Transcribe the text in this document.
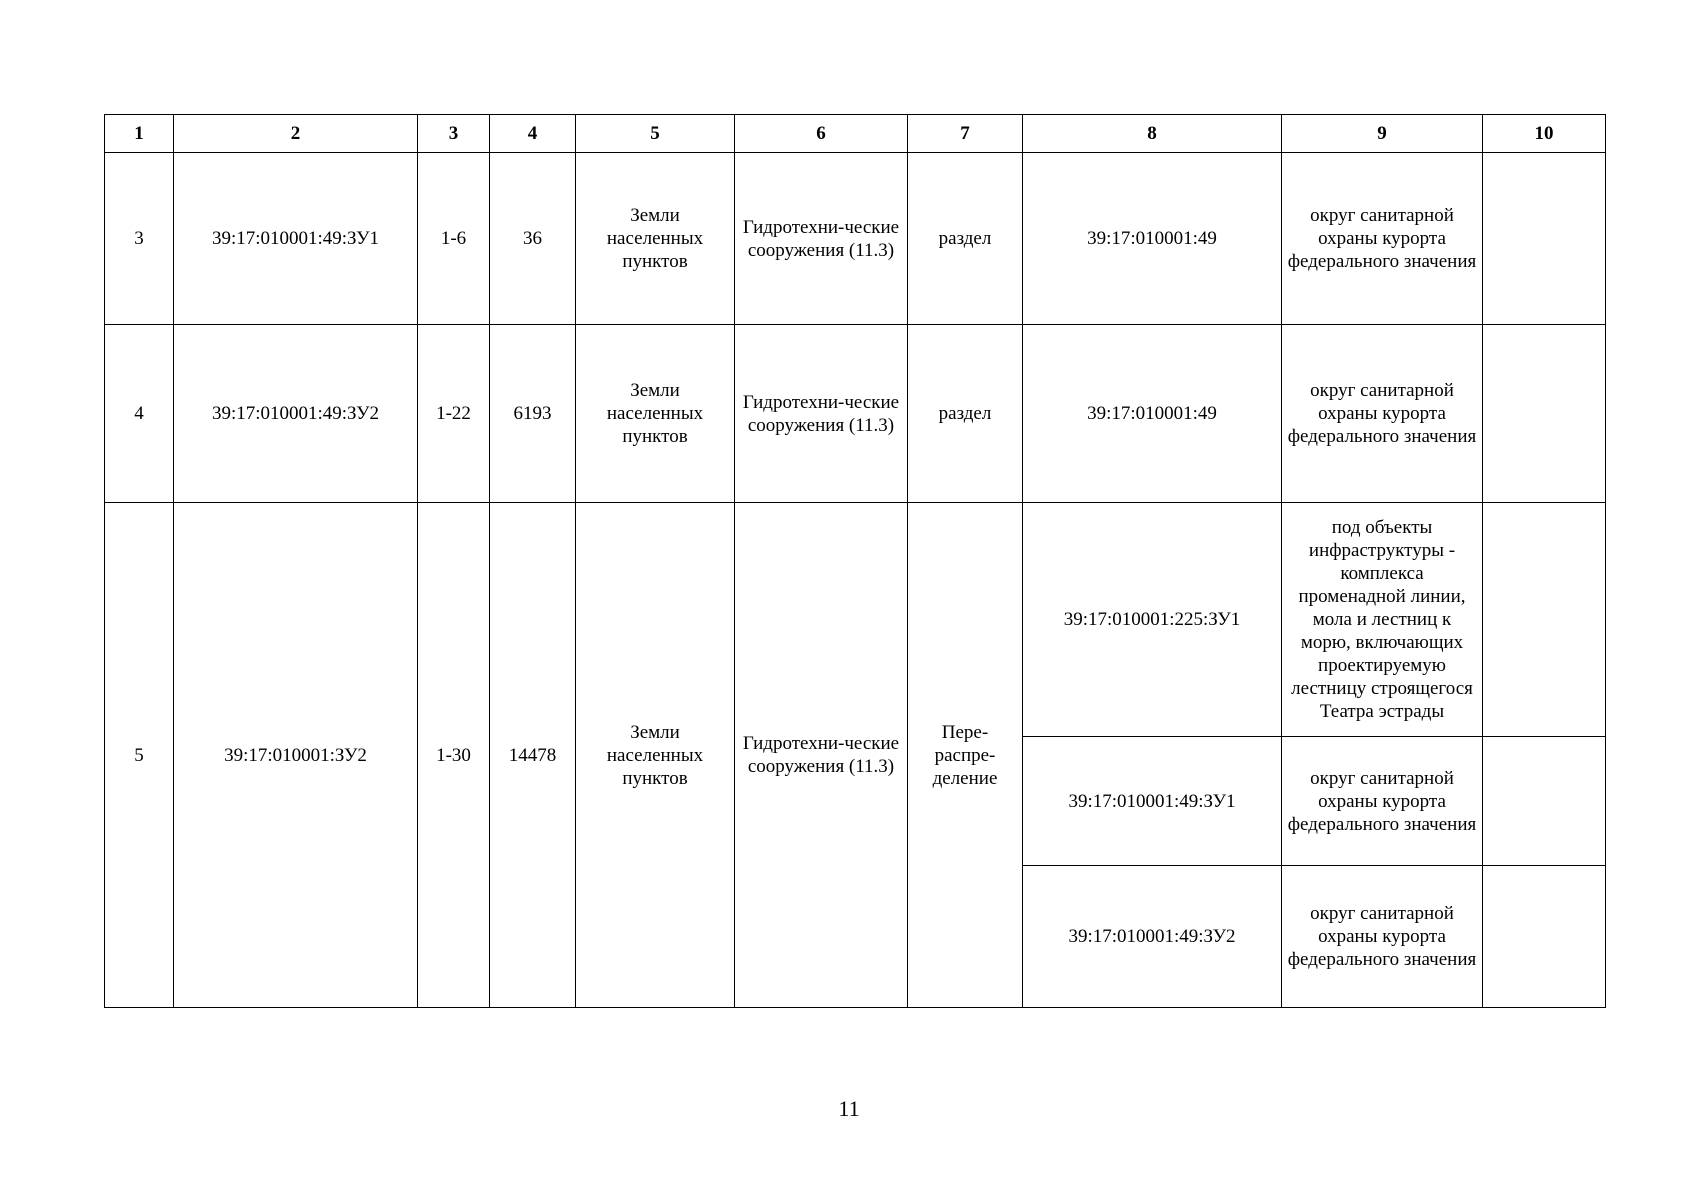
1	2	3	4	5	6	7	8	9	10
3	39:17:010001:49:ЗУ1	1-6	36	Земли населенных пунктов	Гидротехни-ческие сооружения (11.3)	раздел	39:17:010001:49	округ санитарной охраны курорта федерального значения	
4	39:17:010001:49:ЗУ2	1-22	6193	Земли населенных пунктов	Гидротехни-ческие сооружения (11.3)	раздел	39:17:010001:49	округ санитарной охраны курорта федерального значения	
5	39:17:010001:ЗУ2	1-30	14478	Земли населенных пунктов	Гидротехни-ческие сооружения (11.3)	Пере-распре-деление	39:17:010001:225:ЗУ1	под объекты инфраструктуры - комплекса променадной линии, мола и лестниц к морю, включающих проектируемую лестницу строящегося Театра эстрады	
							39:17:010001:49:ЗУ1	округ санитарной охраны курорта федерального значения	
							39:17:010001:49:ЗУ2	округ санитарной охраны курорта федерального значения	
11
